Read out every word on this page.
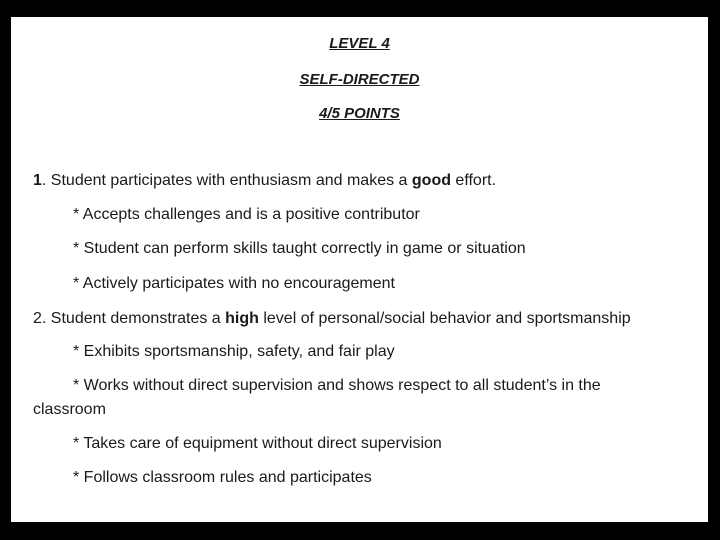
LEVEL 4
SELF-DIRECTED
4/5 POINTS
1. Student participates with enthusiasm and makes a good effort.
* Accepts challenges and is a positive contributor
* Student can perform skills taught correctly in game or situation
* Actively participates with no encouragement
2. Student demonstrates a high level of personal/social behavior and sportsmanship
* Exhibits sportsmanship, safety, and fair play
* Works without direct supervision and shows respect to all student’s in the
classroom
* Takes care of equipment without direct supervision
* Follows classroom rules and participates
